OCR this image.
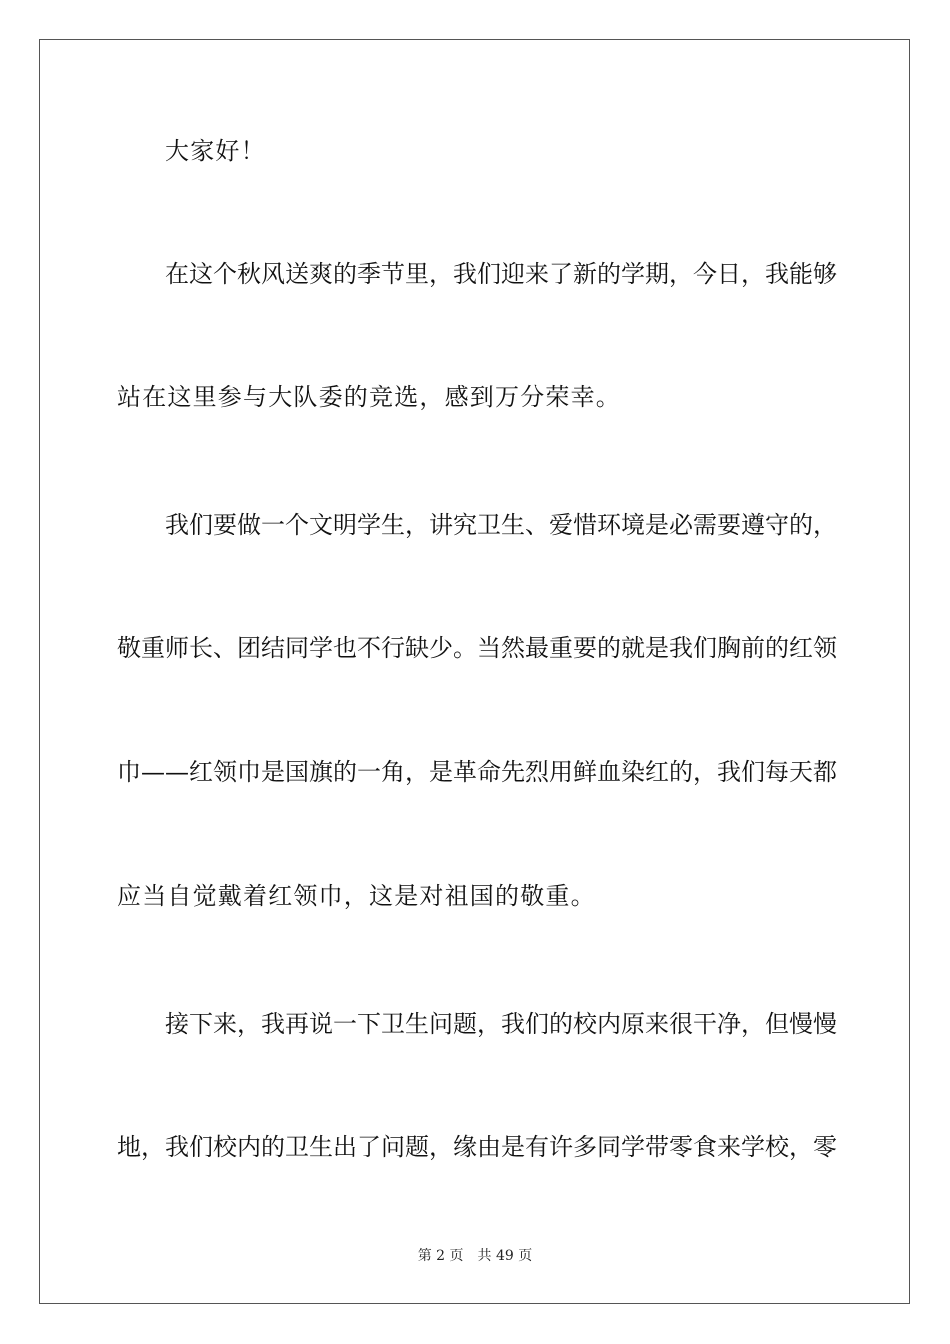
大家好！
在这个秋风送爽的季节里，我们迎来了新的学期，今日，我能够
站在这里参与大队委的竞选，感到万分荣幸。
我们要做一个文明学生，讲究卫生、爱惜环境是必需要遵守的，
敬重师长、团结同学也不行缺少。当然最重要的就是我们胸前的红领
巾——红领巾是国旗的一角，是革命先烈用鲜血染红的，我们每天都
应当自觉戴着红领巾，这是对祖国的敬重。
接下来，我再说一下卫生问题，我们的校内原来很干净，但慢慢
地，我们校内的卫生出了问题，缘由是有许多同学带零食来学校，零
第 2 页 共 49 页
